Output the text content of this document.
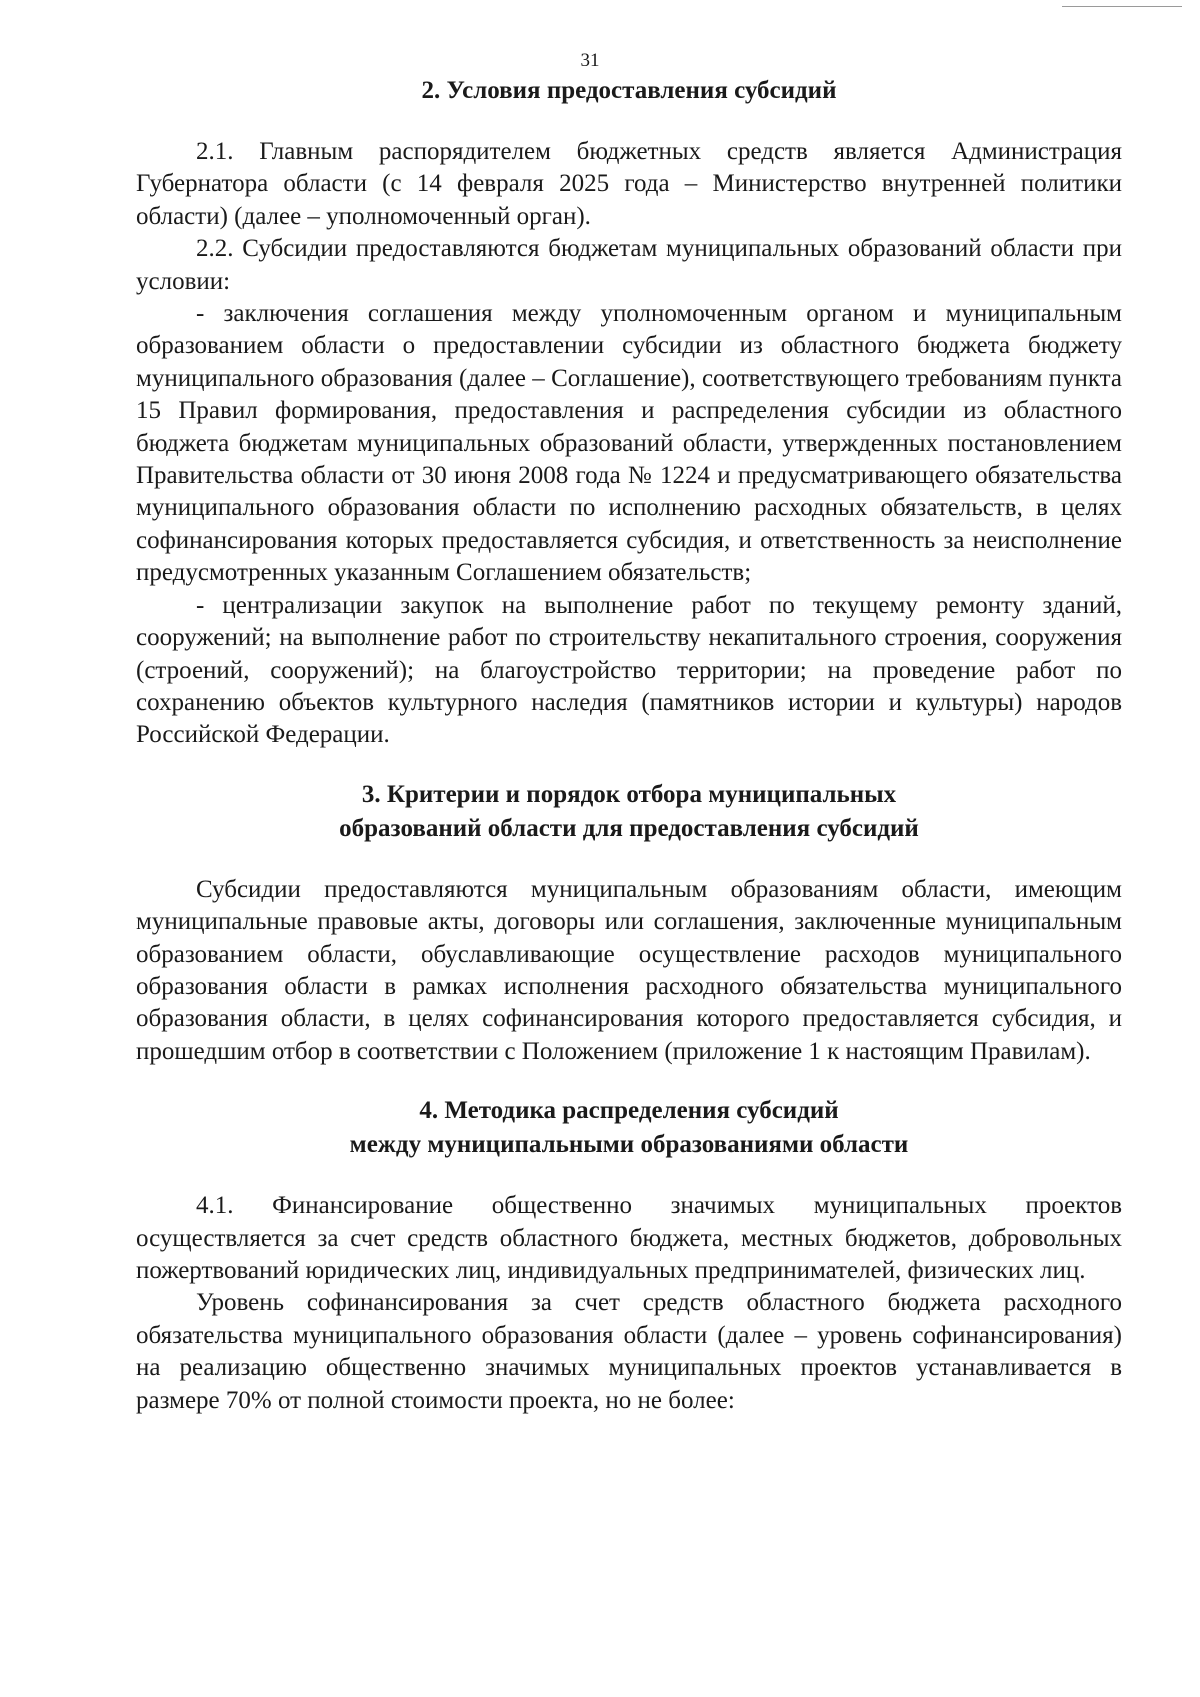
31
2. Условия предоставления субсидий

2.1. Главным распорядителем бюджетных средств является Администрация Губернатора области (с 14 февраля 2025 года – Министерство внутренней политики области) (далее – уполномоченный орган).

2.2. Субсидии предоставляются бюджетам муниципальных образований области при условии:

- заключения соглашения между уполномоченным органом и муниципальным образованием области о предоставлении субсидии из областного бюджета бюджету муниципального образования (далее – Соглашение), соответствующего требованиям пункта 15 Правил формирования, предоставления и распределения субсидии из областного бюджета бюджетам муниципальных образований области, утвержденных постановлением Правительства области от 30 июня 2008 года № 1224 и предусматривающего обязательства муниципального образования области по исполнению расходных обязательств, в целях софинансирования которых предоставляется субсидия, и ответственность за неисполнение предусмотренных указанным Соглашением обязательств;

- централизации закупок на выполнение работ по текущему ремонту зданий, сооружений; на выполнение работ по строительству некапитального строения, сооружения (строений, сооружений); на благоустройство территории; на проведение работ по сохранению объектов культурного наследия (памятников истории и культуры) народов Российской Федерации.

3. Критерии и порядок отбора муниципальных
образований области для предоставления субсидий

Субсидии предоставляются муниципальным образованиям области, имеющим муниципальные правовые акты, договоры или соглашения, заключенные муниципальным образованием области, обуславливающие осуществление расходов муниципального образования области в рамках исполнения расходного обязательства муниципального образования области, в целях софинансирования которого предоставляется субсидия, и прошедшим отбор в соответствии с Положением (приложение 1 к настоящим Правилам).

4. Методика распределения субсидий
между муниципальными образованиями области

4.1. Финансирование общественно значимых муниципальных проектов осуществляется за счет средств областного бюджета, местных бюджетов, добровольных пожертвований юридических лиц, индивидуальных предпринимателей, физических лиц.

Уровень софинансирования за счет средств областного бюджета расходного обязательства муниципального образования области (далее – уровень софинансирования) на реализацию общественно значимых муниципальных проектов устанавливается в размере 70% от полной стоимости проекта, но не более:
